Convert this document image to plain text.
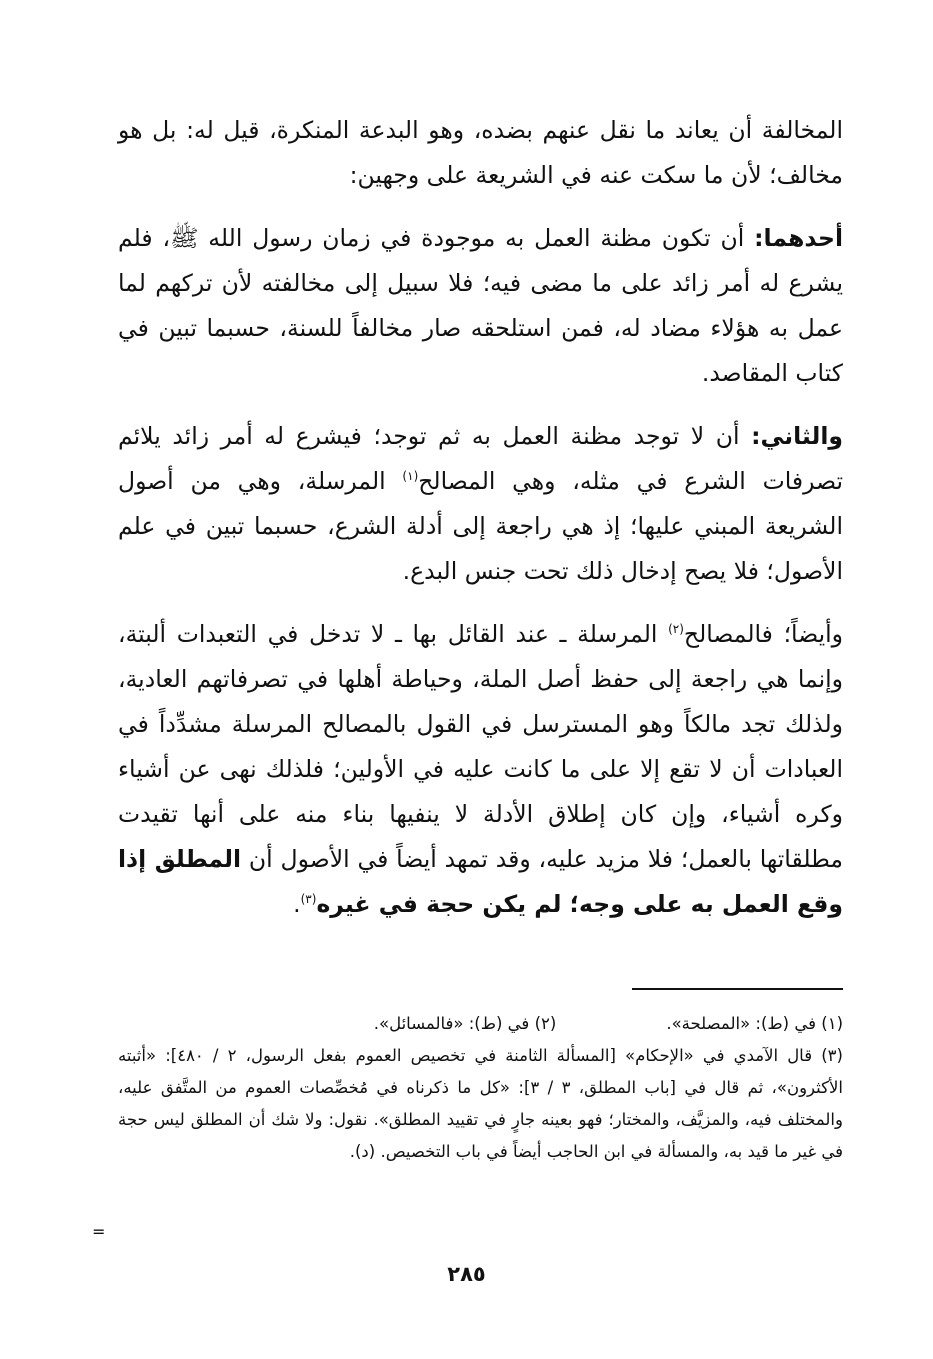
المخالفة أن يعاند ما نقل عنهم بضده، وهو البدعة المنكرة، قيل له: بل هو مخالف؛ لأن ما سكت عنه في الشريعة على وجهين:

أحدهما: أن تكون مظنة العمل به موجودة في زمان رسول الله ﷺ، فلم يشرع له أمر زائد على ما مضى فيه؛ فلا سبيل إلى مخالفته لأن تركهم لما عمل به هؤلاء مضاد له، فمن استلحقه صار مخالفاً للسنة، حسبما تبين في كتاب المقاصد.

والثاني: أن لا توجد مظنة العمل به ثم توجد؛ فيشرع له أمر زائد يلائم تصرفات الشرع في مثله، وهي المصالح$^{(١)}$ المرسلة، وهي من أصول الشريعة المبني عليها؛ إذ هي راجعة إلى أدلة الشرع، حسبما تبين في علم الأصول؛ فلا يصح إدخال ذلك تحت جنس البدع.

وأيضاً؛ فالمصالح$^{(٢)}$ المرسلة ـ عند القائل بها ـ لا تدخل في التعبدات ألبتة، وإنما هي راجعة إلى حفظ أصل الملة، وحياطة أهلها في تصرفاتهم العادية، ولذلك تجد مالكاً وهو المسترسل في القول بالمصالح المرسلة مشدِّداً في العبادات أن لا تقع إلا على ما كانت عليه في الأولين؛ فلذلك نهى عن أشياء وكره أشياء، وإن كان إطلاق الأدلة لا ينفيها بناء منه على أنها تقيدت مطلقاتها بالعمل؛ فلا مزيد عليه، وقد تمهد أيضاً في الأصول أن المطلق إذا وقع العمل به على وجه؛ لم يكن حجة في غيره$^{(٣)}$.

(١) في (ط): «المصلحة».
(٢) في (ط): «فالمسائل».
(٣) قال الآمدي في «الإحكام» [المسألة الثامنة في تخصيص العموم بفعل الرسول، ٢ / ٤٨٠]: «أثبته الأكثرون»، ثم قال في [باب المطلق، ٣ / ٣]: «كل ما ذكرناه في مُخصِّصات العموم من المتَّفق عليه، والمختلف فيه، والمزيَّف، والمختار؛ فهو بعينه جارٍ في تقييد المطلق». نقول: ولا شك أن المطلق ليس حجة في غير ما قيد به، والمسألة في ابن الحاجب أيضاً في باب التخصيص. (د).
=
٢٨٥
